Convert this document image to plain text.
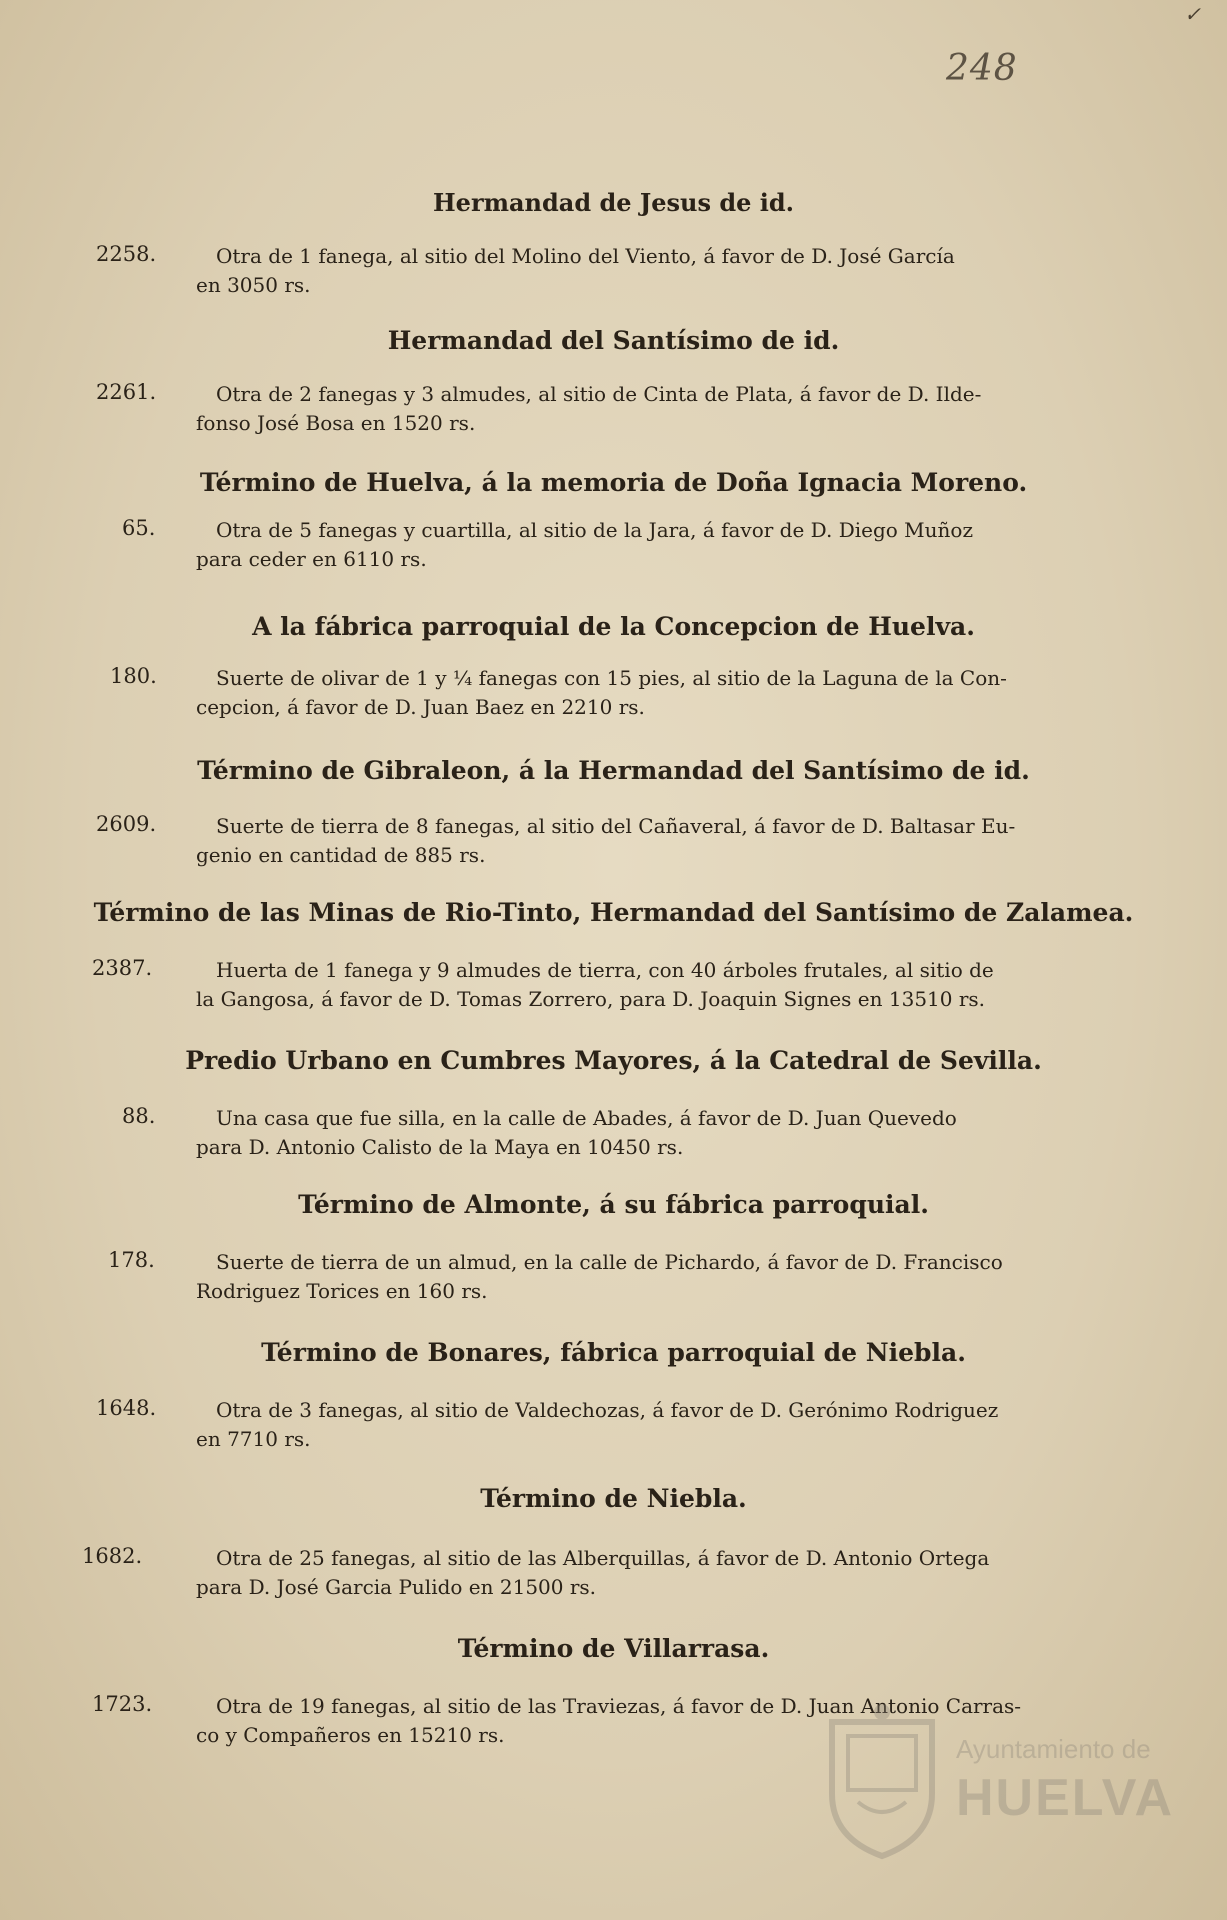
✓
248
Hermandad de Jesus de id.
2258.	Otra de 1 fanega, al sitio del Molino del Viento, á favor de D. José García
en 3050 rs.
Hermandad del Santísimo de id.
2261.	Otra de 2 fanegas y 3 almudes, al sitio de Cinta de Plata, á favor de D. Ilde-
fonso José Bosa en 1520 rs.
Término de Huelva, á la memoria de Doña Ignacia Moreno.
65.	Otra de 5 fanegas y cuartilla, al sitio de la Jara, á favor de D. Diego Muñoz
para ceder en 6110 rs.
A la fábrica parroquial de la Concepcion de Huelva.
180.	Suerte de olivar de 1 y ¼ fanegas con 15 pies, al sitio de la Laguna de la Con-
cepcion, á favor de D. Juan Baez en 2210 rs.
Término de Gibraleon, á la Hermandad del Santísimo de id.
2609.	Suerte de tierra de 8 fanegas, al sitio del Cañaveral, á favor de D. Baltasar Eu-
genio en cantidad de 885 rs.
Término de las Minas de Rio-Tinto, Hermandad del Santísimo de Zalamea.
2387.	Huerta de 1 fanega y 9 almudes de tierra, con 40 árboles frutales, al sitio de
la Gangosa, á favor de D. Tomas Zorrero, para D. Joaquin Signes en 13510 rs.
Predio Urbano en Cumbres Mayores, á la Catedral de Sevilla.
88.	Una casa que fue silla, en la calle de Abades, á favor de D. Juan Quevedo
para D. Antonio Calisto de la Maya en 10450 rs.
Término de Almonte, á su fábrica parroquial.
178.	Suerte de tierra de un almud, en la calle de Pichardo, á favor de D. Francisco
Rodriguez Torices en 160 rs.
Término de Bonares, fábrica parroquial de Niebla.
1648.	Otra de 3 fanegas, al sitio de Valdechozas, á favor de D. Gerónimo Rodriguez
en 7710 rs.
Término de Niebla.
1682.	Otra de 25 fanegas, al sitio de las Alberquillas, á favor de D. Antonio Ortega
para D. José Garcia Pulido en 21500 rs.
Término de Villarrasa.
1723.	Otra de 19 fanegas, al sitio de las Traviezas, á favor de D. Juan Antonio Carras-
co y Compañeros en 15210 rs.	Ayuntamiento de
HUELVA
